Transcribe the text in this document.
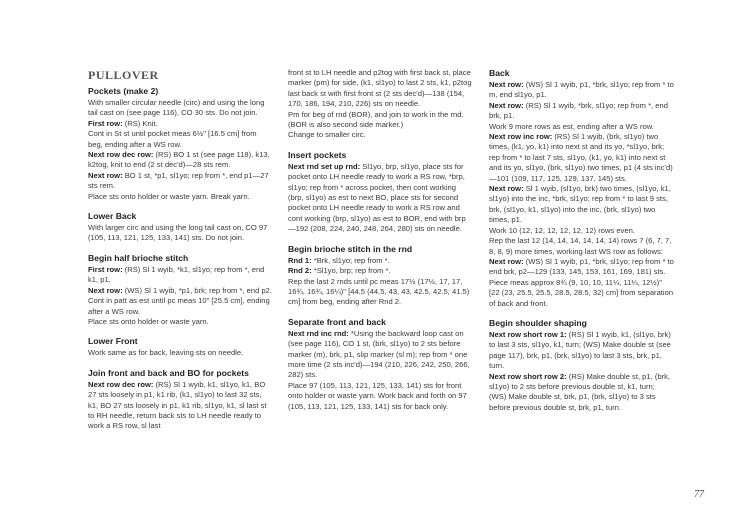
PULLOVER
Pockets (make 2)

With smaller circular needle (circ) and using the long tail cast on (see page 116), CO 30 sts. Do not join.

First row: (RS) Knit.

Cont in St st until pocket meas 6½" [16.5 cm] from beg, ending after a WS row.

Next row dec row: (RS) BO 1 st (see page 118), k13, k2tog, knit to end (2 st dec'd)—28 sts rem.

Next row: BO 1 st, *p1, sl1yo; rep from *, end p1—27 sts rem.

Place sts onto holder or waste yarn. Break yarn.

Lower Back

With larger circ and using the long tail cast on, CO 97 (105, 113, 121, 125, 133, 141) sts. Do not join.

Begin half brioche stitch

First row: (RS) Sl 1 wyib, *k1, sl1yo; rep from *, end k1, p1.

Next row: (WS) Sl 1 wyib, *p1, brk; rep from *, end p2.

Cont in patt as est until pc meas 10" [25.5 cm], ending after a WS row.

Place sts onto holder or waste yarn.

Lower Front

Work same as for back, leaving sts on needle.

Join front and back and BO for pockets

Next row dec row: (RS) Sl 1 wyib, k1, sl1yo, k1, BO 27 sts loosely in p1, k1 rib, (k1, sl1yo) to last 32 sts, k1, BO 27 sts loosely in p1, k1 rib, sl1yo, k1, sl last st to RH needle, return back sts to LH needle ready to work a RS row, sl last

front st to LH needle and p2tog with first back st, place marker (pm) for side, (k1, sl1yo) to last 2 sts, k1, p2tog last back st with first front st (2 sts dec'd)—138 (154, 170, 186, 194, 210, 226) sts on needle.

Pm for beg of rnd (BOR), and join to work in the rnd. (BOR is also second side marker.)

Change to smaller circ.

Insert pockets

Next rnd set up rnd: Sl1yo, brp, sl1yo, place sts for pocket onto LH needle ready to work a RS row, *brp, sl1yo; rep from * across pocket, then cont working (brp, sl1yo) as est to next BO, place sts for second pocket onto LH needle ready to work a RS row and cont working (brp, sl1yo) as est to BOR, end with brp—192 (208, 224, 240, 248, 264, 280) sts on needle.

Begin brioche stitch in the rnd

Rnd 1: *Brk, sl1yo; rep from *.

Rnd 2: *Sl1yo, brp; rep from *.

Rep the last 2 rnds until pc meas 17½ (17½, 17, 17, 16¾, 16¾, 16¼)" [44.5 (44.5, 43, 43, 42.5, 42.5, 41.5) cm] from beg, ending after Rnd 2.

Separate front and back

Next rnd inc rnd: *Using the backward loop cast on (see page 116), CO 1 st, (brk, sl1yo) to 2 sts before marker (m), brk, p1, slip marker (sl m); rep from * one more time (2 sts inc'd)—194 (210, 226, 242, 250, 266, 282) sts.

Place 97 (105, 113, 121, 125, 133, 141) sts for front onto holder or waste yarn. Work back and forth on 97 (105, 113, 121, 125, 133, 141) sts for back only.

Back

Next row: (WS) Sl 1 wyib, p1, *brk, sl1yo; rep from * to m, end sl1yo, p1.

Next row: (RS) Sl 1 wyib, *brk, sl1yo; rep from *, end brk, p1.

Work 9 more rows as est, ending after a WS row.

Next row inc row: (RS) Sl 1 wyib, (brk, sl1yo) two times, (k1, yo, k1) into next st and its yo, *sl1yo, brk; rep from * to last 7 sts, sl1yo, (k1, yo, k1) into next st and its yo, sl1yo, (brk, sl1yo) two times, p1 (4 sts inc'd)—101 (109, 117, 125, 129, 137, 145) sts.

Next row: Sl 1 wyib, (sl1yo, brk) two times, (sl1yo, k1, sl1yo) into the inc, *brk, sl1yo; rep from * to last 9 sts, brk, (sl1yo, k1, sl1yo) into the inc, (brk, sl1yo) two times, p1.

Work 10 (12, 12, 12, 12, 12, 12) rows even.

Rep the last 12 (14, 14, 14, 14, 14, 14) rows 7 (6, 7, 7, 8, 8, 9) more times, working last WS row as follows:

Next row: (WS) Sl 1 wyib, p1, *brk, sl1yo; rep from * to end brk, p2—129 (133, 145, 153, 161, 169, 181) sts.

Piece meas approx 8¾ (9, 10, 10, 11¼, 11¼, 12½)" [22 (23, 25.5, 25.5, 28.5, 28.5, 32) cm] from separation of back and front.

Begin shoulder shaping

Next row short row 1: (RS) Sl 1 wyib, k1, (sl1yo, brk) to last 3 sts, sl1yo, k1, turn; (WS) Make double st (see page 117), brk, p1, (brk, sl1yo) to last 3 sts, brk, p1, turn.

Next row short row 2: (RS) Make double st, p1, (brk, sl1yo) to 2 sts before previous double st, k1, turn; (WS) Make double st, brk, p1, (brk, sl1yo) to 3 sts before previous double st, brk, p1, turn.

77
